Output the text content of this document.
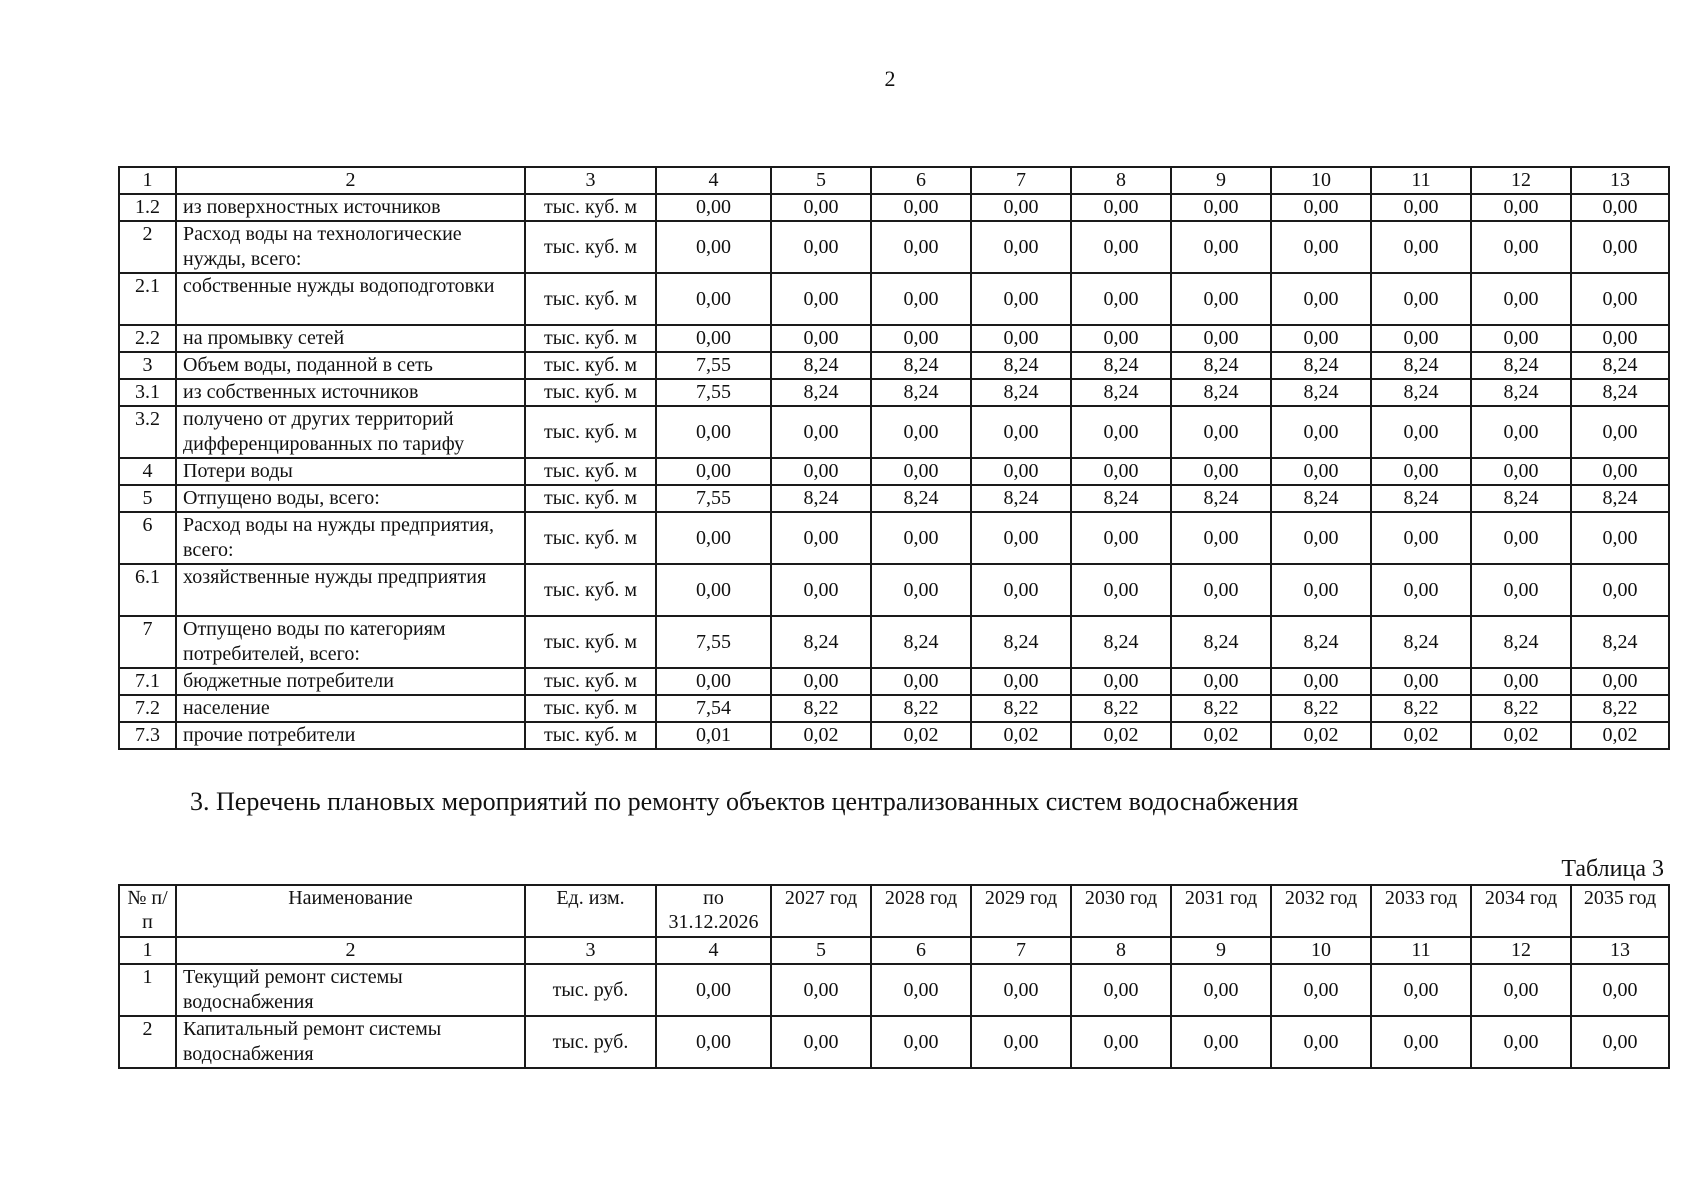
2
1	2	3	4	5	6	7	8	9	10	11	12	13
1.2	из поверхностных источников	тыс. куб. м	0,00	0,00	0,00	0,00	0,00	0,00	0,00	0,00	0,00	0,00
2	Расход воды на технологические нужды, всего:	тыс. куб. м	0,00	0,00	0,00	0,00	0,00	0,00	0,00	0,00	0,00	0,00
2.1	собственные нужды водоподготовки	тыс. куб. м	0,00	0,00	0,00	0,00	0,00	0,00	0,00	0,00	0,00	0,00
2.2	на промывку сетей	тыс. куб. м	0,00	0,00	0,00	0,00	0,00	0,00	0,00	0,00	0,00	0,00
3	Объем воды, поданной в сеть	тыс. куб. м	7,55	8,24	8,24	8,24	8,24	8,24	8,24	8,24	8,24	8,24
3.1	из собственных источников	тыс. куб. м	7,55	8,24	8,24	8,24	8,24	8,24	8,24	8,24	8,24	8,24
3.2	получено от других территорий дифференцированных по тарифу	тыс. куб. м	0,00	0,00	0,00	0,00	0,00	0,00	0,00	0,00	0,00	0,00
4	Потери воды	тыс. куб. м	0,00	0,00	0,00	0,00	0,00	0,00	0,00	0,00	0,00	0,00
5	Отпущено воды, всего:	тыс. куб. м	7,55	8,24	8,24	8,24	8,24	8,24	8,24	8,24	8,24	8,24
6	Расход воды на нужды предприятия, всего:	тыс. куб. м	0,00	0,00	0,00	0,00	0,00	0,00	0,00	0,00	0,00	0,00
6.1	хозяйственные нужды предприятия	тыс. куб. м	0,00	0,00	0,00	0,00	0,00	0,00	0,00	0,00	0,00	0,00
7	Отпущено воды по категориям потребителей, всего:	тыс. куб. м	7,55	8,24	8,24	8,24	8,24	8,24	8,24	8,24	8,24	8,24
7.1	бюджетные потребители	тыс. куб. м	0,00	0,00	0,00	0,00	0,00	0,00	0,00	0,00	0,00	0,00
7.2	население	тыс. куб. м	7,54	8,22	8,22	8,22	8,22	8,22	8,22	8,22	8,22	8,22
7.3	прочие потребители	тыс. куб. м	0,01	0,02	0,02	0,02	0,02	0,02	0,02	0,02	0,02	0,02
3. Перечень плановых мероприятий по ремонту объектов централизованных систем водоснабжения
Таблица 3
№ п/п	Наименование	Ед. изм.	по 31.12.2026	2027 год	2028 год	2029 год	2030 год	2031 год	2032 год	2033 год	2034 год	2035 год
1	2	3	4	5	6	7	8	9	10	11	12	13
1	Текущий ремонт системы водоснабжения	тыс. руб.	0,00	0,00	0,00	0,00	0,00	0,00	0,00	0,00	0,00	0,00
2	Капитальный ремонт системы водоснабжения	тыс. руб.	0,00	0,00	0,00	0,00	0,00	0,00	0,00	0,00	0,00	0,00
